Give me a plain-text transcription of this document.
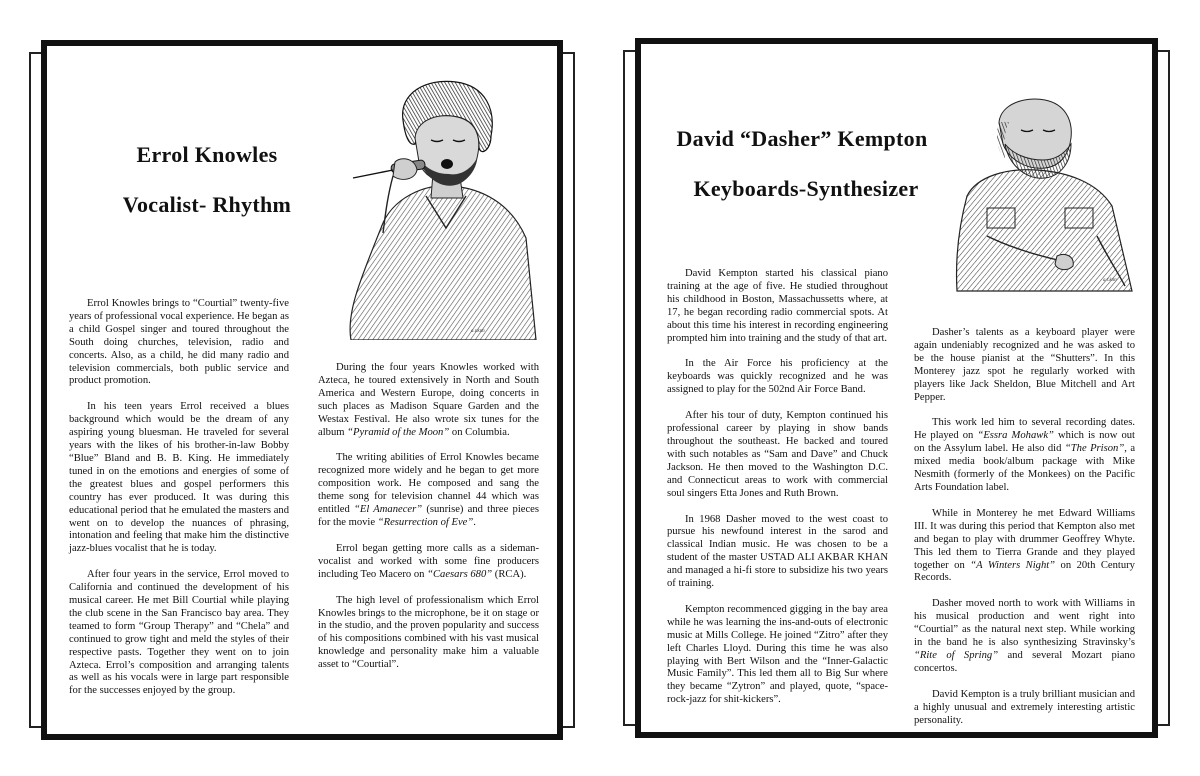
Errol Knowles
Vocalist- Rhythm
a.r.knn

Errol Knowles brings to “Courtial” twenty-five years of professional vocal experience. He began as a child Gospel singer and toured throughout the South doing churches, television, radio and concerts. Also, as a child, he did many radio and television commercials, both public service and product promotion.

In his teen years Errol received a blues background which would be the dream of any aspiring young bluesman. He traveled for several years with the likes of his brother-in-law Bobby “Blue” Bland and B. B. King. He immediately tuned in on the emotions and energies of some of the greatest blues and gospel performers this country has ever produced. It was during this educational period that he emulated the masters and went on to develop the nuances of phrasing, intonation and feeling that make him the distinctive jazz-blues vocalist that he is today.

After four years in the service, Errol moved to California and continued the development of his musical career. He met Bill Courtial while playing the club scene in the San Francisco bay area. They teamed to form “Group Therapy” and “Chela” and continued to grow tight and meld the styles of their respective pasts. Together they went on to join Azteca. Errol’s composition and arranging talents as well as his vocals were in large part responsible for the successes enjoyed by the group.

During the four years Knowles worked with Azteca, he toured extensively in North and South America and Western Europe, doing concerts in such places as Madison Square Garden and the Westax Festival. He also wrote six tunes for the album “Pyramid of the Moon” on Columbia.

The writing abilities of Errol Knowles became recognized more widely and he began to get more composition work. He composed and sang the theme song for television channel 44 which was entitled “El Amanecer” (sunrise) and three pieces for the movie “Resurrection of Eve”.

Errol began getting more calls as a sideman-vocalist and worked with some fine producers including Teo Macero on “Caesars 680” (RCA).

The high level of professionalism which Errol Knowles brings to the microphone, be it on stage or in the studio, and the proven popularity and success of his compositions combined with his vast musical knowledge and personality make him a valuable asset to “Courtial”.

David “Dasher” Kempton
Keyboards-Synthesizer
a.r.knn

David Kempton started his classical piano training at the age of five. He studied throughout his childhood in Boston, Massachussetts where, at 17, he began recording radio commercial spots. At about this time his interest in recording engineering prompted him into training and the study of that art.

In the Air Force his proficiency at the keyboards was quickly recognized and he was assigned to play for the 502nd Air Force Band.

After his tour of duty, Kempton continued his professional career by playing in show bands throughout the southeast. He backed and toured with such notables as “Sam and Dave” and Chuck Jackson. He then moved to the Washington D.C. and Connecticut areas to work with commercial soul singers Etta Jones and Ruth Brown.

In 1968 Dasher moved to the west coast to pursue his newfound interest in the sarod and classical Indian music. He was chosen to be a student of the master USTAD ALI AKBAR KHAN and managed a hi-fi store to subsidize his two years of training.

Kempton recommenced gigging in the bay area while he was learning the ins-and-outs of electronic music at Mills College. He joined “Zitro” after they left Charles Lloyd. During this time he was also playing with Bert Wilson and the “Inner-Galactic Music Family”. This led them all to Big Sur where they became “Zytron” and played, quote, “space-rock-jazz for shit-kickers”.

Dasher’s talents as a keyboard player were again undeniably recognized and he was asked to be the house pianist at the “Shutters”. In this Monterey jazz spot he regularly worked with players like Jack Sheldon, Blue Mitchell and Art Pepper.

This work led him to several recording dates. He played on “Essra Mohawk” which is now out on the Assylum label. He also did “The Prison”, a mixed media book/album package with Mike Nesmith (formerly of the Monkees) on the Pacific Arts Foundation label.

While in Monterey he met Edward Williams III. It was during this period that Kempton also met and began to play with drummer Geoffrey Whyte. This led them to Tierra Grande and they played together on “A Winters Night” on 20th Century Records.

Dasher moved north to work with Williams in his musical production and went right into “Courtial” as the natural next step. While working in the band he is also synthesizing Stravinsky’s “Rite of Spring” and several Mozart piano concertos.

David Kempton is a truly brilliant musician and a highly unusual and extremely interesting artistic personality.
